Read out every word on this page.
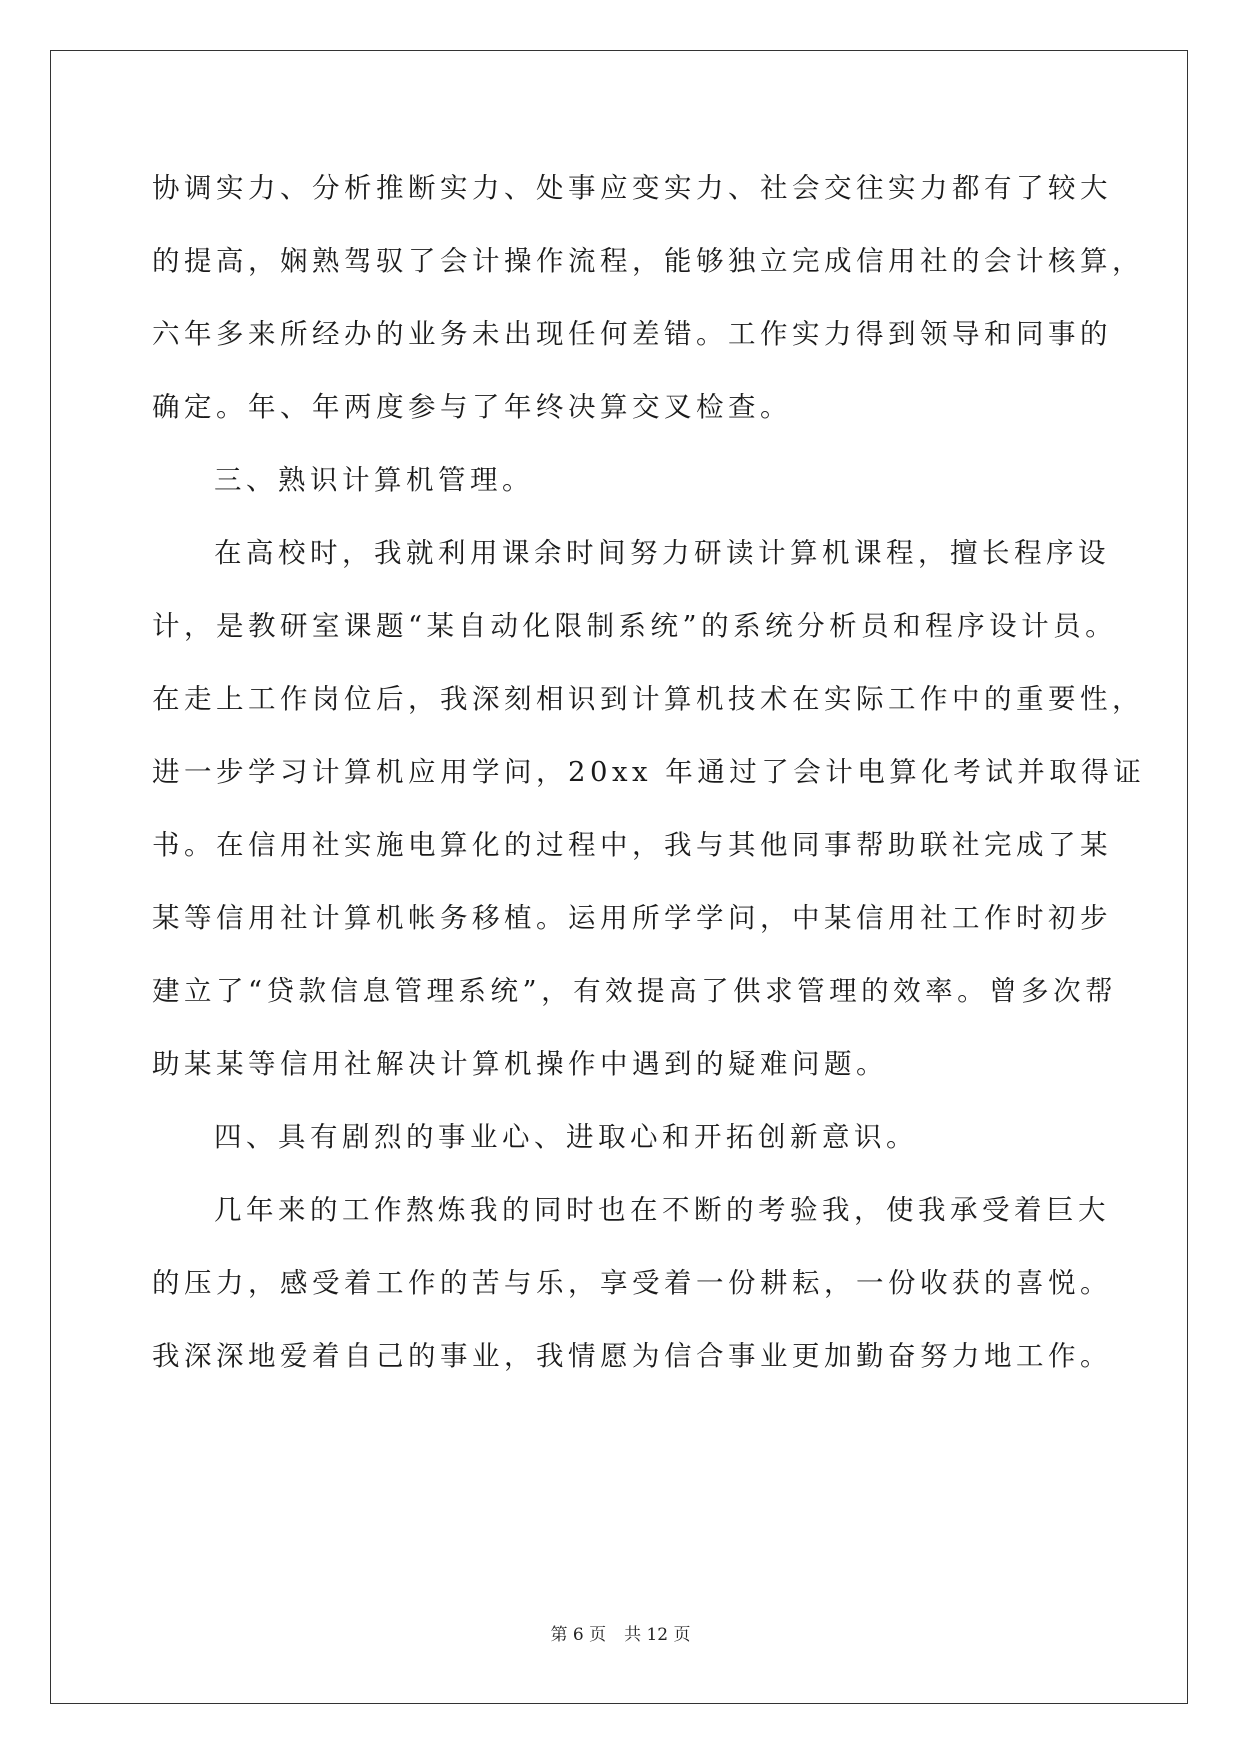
协调实力、分析推断实力、处事应变实力、社会交往实力都有了较大
的提高，娴熟驾驭了会计操作流程，能够独立完成信用社的会计核算，
六年多来所经办的业务未出现任何差错。工作实力得到领导和同事的
确定。年、年两度参与了年终决算交叉检查。
三、熟识计算机管理。
在高校时，我就利用课余时间努力研读计算机课程，擅长程序设
计，是教研室课题“某自动化限制系统”的系统分析员和程序设计员。
在走上工作岗位后，我深刻相识到计算机技术在实际工作中的重要性，
进一步学习计算机应用学问，20xx 年通过了会计电算化考试并取得证
书。在信用社实施电算化的过程中，我与其他同事帮助联社完成了某
某等信用社计算机帐务移植。运用所学学问，中某信用社工作时初步
建立了“贷款信息管理系统”，有效提高了供求管理的效率。曾多次帮
助某某等信用社解决计算机操作中遇到的疑难问题。
四、具有剧烈的事业心、进取心和开拓创新意识。
几年来的工作熬炼我的同时也在不断的考验我，使我承受着巨大
的压力，感受着工作的苦与乐，享受着一份耕耘，一份收获的喜悦。
我深深地爱着自己的事业，我情愿为信合事业更加勤奋努力地工作。
第 6 页 共 12 页
